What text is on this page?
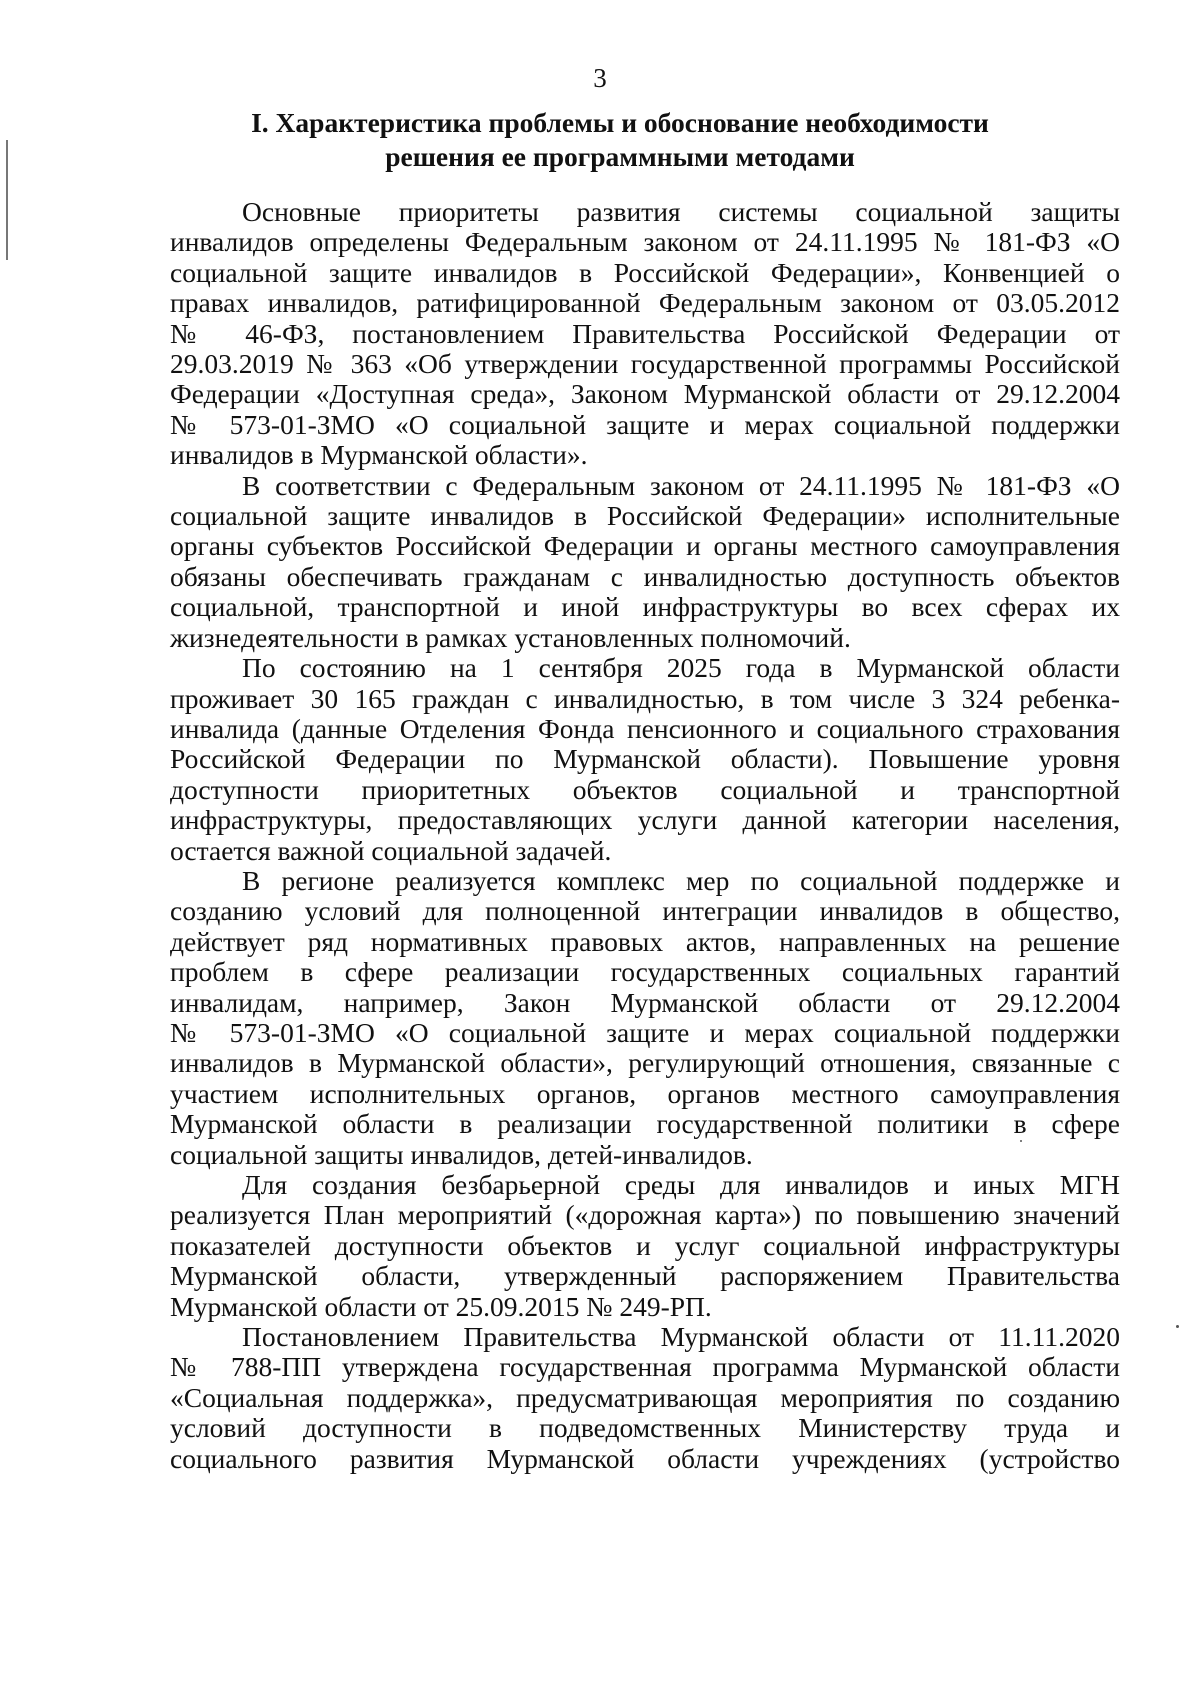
3
I. Характеристика проблемы и обоснование необходимости
решения ее программными методами

Основные приоритеты развития системы социальной защиты
инвалидов определены Федеральным законом от 24.11.1995 № 181-ФЗ «О
социальной защите инвалидов в Российской Федерации», Конвенцией о
правах инвалидов, ратифицированной Федеральным законом от 03.05.2012
№ 46-ФЗ, постановлением Правительства Российской Федерации от
29.03.2019 № 363 «Об утверждении государственной программы Российской
Федерации «Доступная среда», Законом Мурманской области от 29.12.2004
№ 573-01-ЗМО «О социальной защите и мерах социальной поддержки
инвалидов в Мурманской области».

В соответствии с Федеральным законом от 24.11.1995 № 181-ФЗ «О
социальной защите инвалидов в Российской Федерации» исполнительные
органы субъектов Российской Федерации и органы местного самоуправления
обязаны обеспечивать гражданам с инвалидностью доступность объектов
социальной, транспортной и иной инфраструктуры во всех сферах их
жизнедеятельности в рамках установленных полномочий.

По состоянию на 1 сентября 2025 года в Мурманской области
проживает 30 165 граждан с инвалидностью, в том числе 3 324 ребенка-
инвалида (данные Отделения Фонда пенсионного и социального страхования
Российской Федерации по Мурманской области). Повышение уровня
доступности приоритетных объектов социальной и транспортной
инфраструктуры, предоставляющих услуги данной категории населения,
остается важной социальной задачей.

В регионе реализуется комплекс мер по социальной поддержке и
созданию условий для полноценной интеграции инвалидов в общество,
действует ряд нормативных правовых актов, направленных на решение
проблем в сфере реализации государственных социальных гарантий
инвалидам, например, Закон Мурманской области от 29.12.2004
№ 573-01-ЗМО «О социальной защите и мерах социальной поддержки
инвалидов в Мурманской области», регулирующий отношения, связанные с
участием исполнительных органов, органов местного самоуправления
Мурманской области в реализации государственной политики в сфере
социальной защиты инвалидов, детей-инвалидов.

Для создания безбарьерной среды для инвалидов и иных МГН
реализуется План мероприятий («дорожная карта») по повышению значений
показателей доступности объектов и услуг социальной инфраструктуры
Мурманской области, утвержденный распоряжением Правительства
Мурманской области от 25.09.2015 № 249-РП.

Постановлением Правительства Мурманской области от 11.11.2020
№ 788-ПП утверждена государственная программа Мурманской области
«Социальная поддержка», предусматривающая мероприятия по созданию
условий доступности в подведомственных Министерству труда и
социального развития Мурманской области учреждениях (устройство
